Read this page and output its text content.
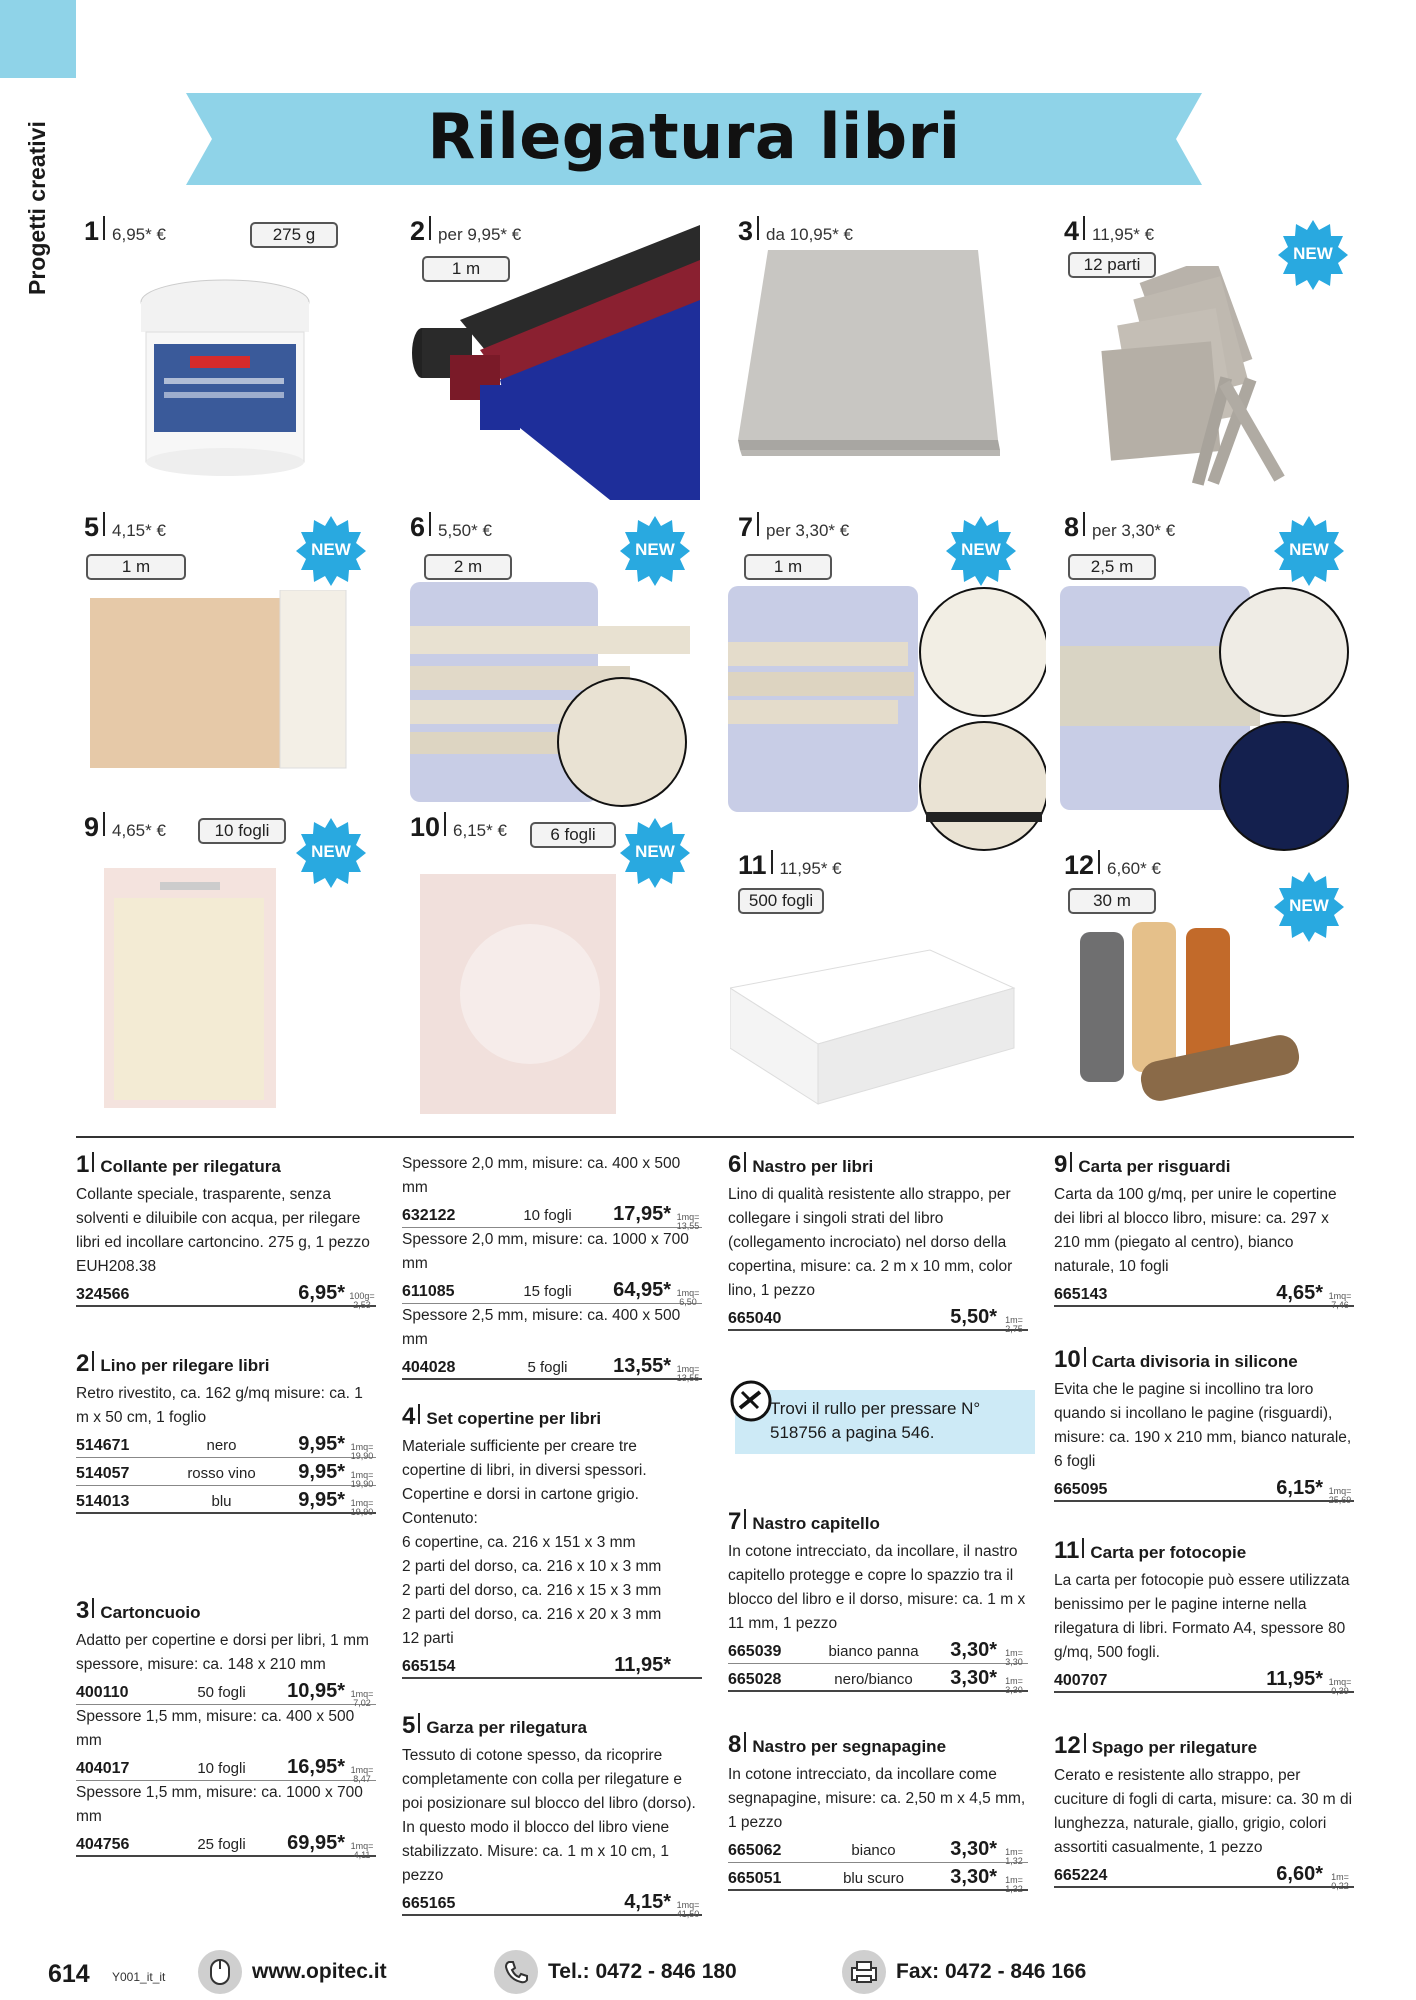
Progetti creativi	Rilegatura libri
1 6,95* €	275 g	2 per 9,95* €
1 m
3 da 10,95* €	4 11,95* €
12 parti
NEW
5 4,15* €
1 m
NEW
6 5,50* €
2 m
NEW
7 per 3,30* €
1 m
NEW
8 per 3,30* €
2,5 m
NEW
9 4,65* €	10 fogli
NEW
10 6,15* €	6 fogli
NEW	11 11,95* €
500 fogli
12 6,60* €
30 m	NEW
1 Collante per rilegatura
Collante speciale, trasparente, senza solventi e diluibile con acqua, per rilegare libri ed incollare cartoncino. 275 g, 1 pezzo
EUH208.38
324566	6,95* 100g= 2,53
2 Lino per rilegare libri
Retro rivestito, ca. 162 g/mq misure: ca. 1 m x 50 cm, 1 foglio
514671	nero	9,95* 1mq= 19,90
514057	rosso vino	9,95* 1mq= 19,90
514013	blu	9,95* 1mq= 19,90
3 Cartoncuoio
Adatto per copertine e dorsi per libri, 1 mm spessore, misure: ca. 148 x 210 mm
400110	50 fogli	10,95* 1mq= 7,02
Spessore 1,5 mm, misure: ca. 400 x 500 mm
404017	10 fogli	16,95* 1mq= 8,47
Spessore 1,5 mm, misure: ca. 1000 x 700 mm
404756	25 fogli	69,95* 1mq= 4,11
Spessore 2,0 mm, misure: ca. 400 x 500 mm
632122	10 fogli	17,95* 1mq= 13,55
Spessore 2,0 mm, misure: ca. 1000 x 700 mm
611085	15 fogli	64,95* 1mq= 6,50
Spessore 2,5 mm, misure: ca. 400 x 500 mm
404028	5 fogli	13,55* 1mq= 13,55
4 Set copertine per libri
Materiale sufficiente per creare tre copertine di libri, in diversi spessori. Copertine e dorsi in cartone grigio.
Contenuto:
6 copertine, ca. 216 x 151 x 3 mm
2 parti del dorso, ca. 216 x 10 x 3 mm
2 parti del dorso, ca. 216 x 15 x 3 mm
2 parti del dorso, ca. 216 x 20 x 3 mm
12 parti
665154	11,95*
5 Garza per rilegatura
Tessuto di cotone spesso, da ricoprire completamente con colla per rilegature e poi posizionare sul blocco del libro (dorso). In questo modo il blocco del libro viene stabilizzato. Misure: ca. 1 m x 10 cm, 1 pezzo
665165	4,15* 1mq= 41,50
6 Nastro per libri
Lino di qualità resistente allo strappo, per collegare i singoli strati del libro (collegamento incrociato) nel dorso della copertina, misure: ca. 2 m x 10 mm, color lino, 1 pezzo
665040	5,50* 1m= 2,75
7 Nastro capitello
In cotone intrecciato, da incollare, il nastro capitello protegge e copre lo spazzio tra il blocco del libro e il dorso, misure: ca. 1 m x 11 mm, 1 pezzo
665039	bianco panna	3,30* 1m= 3,30
665028	nero/bianco	3,30* 1m= 3,30
8 Nastro per segnapagine
In cotone intrecciato, da incollare come segnapagine, misure: ca. 2,50 m x 4,5 mm, 1 pezzo
665062	bianco	3,30* 1m= 1,32
665051	blu scuro	3,30* 1m= 1,32
Trovi il rullo per pressare N° 518756 a pagina 546.
9 Carta per risguardi
Carta da 100 g/mq, per unire le copertine dei libri al blocco libro, misure: ca. 297 x 210 mm (piegato al centro), bianco naturale, 10 fogli
665143	4,65* 1mq= 7,46
10 Carta divisoria in silicone
Evita che le pagine si incollino tra loro quando si incollano le pagine (risguardi), misure: ca. 190 x 210 mm, bianco naturale, 6 fogli
665095	6,15* 1mq= 25,69
11 Carta per fotocopie
La carta per fotocopie può essere utilizzata benissimo per le pagine interne nella rilegatura di libri. Formato A4, spessore 80 g/mq, 500 fogli.
400707	11,95* 1mq= 0,39
12 Spago per rilegature
Cerato e resistente allo strappo, per cuciture di fogli di carta, misure: ca. 30 m di lunghezza, naturale, giallo, grigio, colori assortiti casualmente, 1 pezzo
665224	6,60* 1m= 0,22
614 Y001_it_it	www.opitec.it	Tel.: 0472 - 846 180	Fax: 0472 - 846 166
